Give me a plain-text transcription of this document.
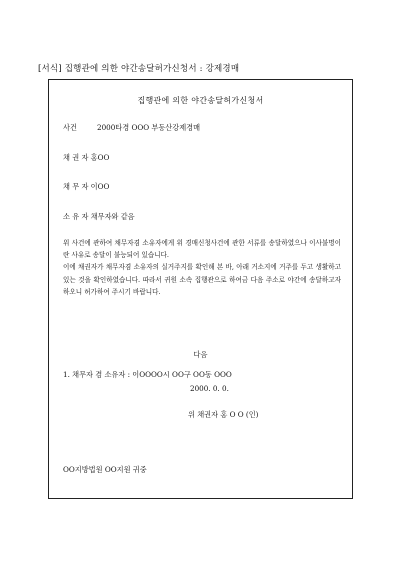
[서식] 집행관에 의한 야간송달허가신청서 : 강제경매
집행관에 의한 야간송달허가신청서
사건	2000타경 OOO 부동산강제경매
채 권 자 홍OO
채 무 자 이OO
소 유 자 채무자와 같음

위 사건에 관하여 채무자겸 소유자에게 위 경매신청사건에 관한 서류를 송달하였으나 이사불명이란 사유로 송달이 불능되어 있습니다.

이에 채권자가 채무자겸 소유자의 실거주지를 확인해 본 바, 아래 거소지에 거주를 두고 생활하고 있는 것을 확인하였습니다. 따라서 귀원 소속 집행관으로 하여금 다음 주소로 야간에 송달하고자 하오니 허가하여 주시기 바랍니다.

다음
1. 채무자 겸 소유자 : 이OOOO시 OO구 OO동 OOO
2000. 0. 0.
위 채권자 홍 O O (인)
OO지방법원 OO지원 귀중
